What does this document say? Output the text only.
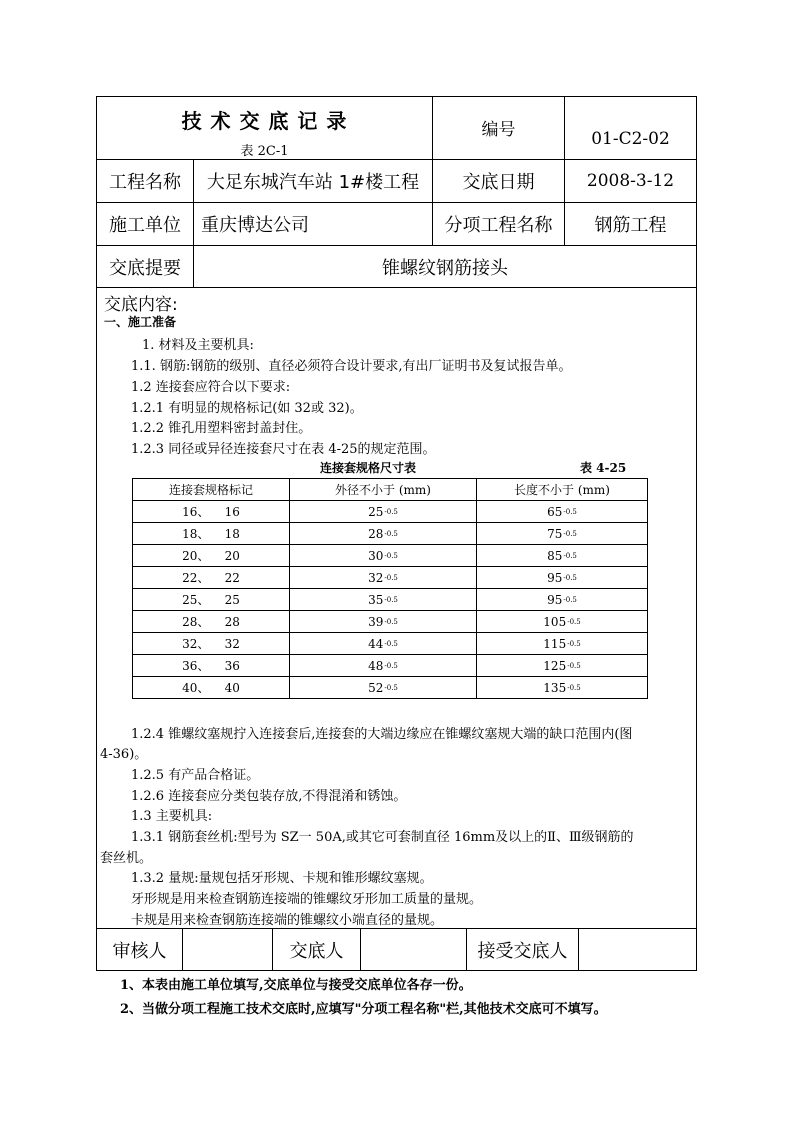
技 术 交 底 记 录
表 2C-1
编号	01-C2-02
工程名称	大足东城汽车站 1#楼工程	交底日期	2008-3-12
施工单位	重庆博达公司	分项工程名称	钢筋工程
交底提要	锥螺纹钢筋接头
交底内容:
一、施工准备
1. 材料及主要机具:
1.1. 钢筋:钢筋的级别、直径必须符合设计要求,有出厂证明书及复试报告单。
1.2 连接套应符合以下要求:
1.2.1 有明显的规格标记(如 32或 32)。
1.2.2 锥孔用塑料密封盖封住。
1.2.3 同径或异径连接套尺寸在表 4-25的规定范围。
连接套规格尺寸表	表 4-25
连接套规格标记	外径不小于 (mm)	长度不小于 (mm)
16、    16	25 -0.5	65 -0.5
18、    18	28 -0.5	75 -0.5
20、    20	30 -0.5	85 -0.5
22、    22	32 -0.5	95 -0.5
25、    25	35 -0.5	95 -0.5
28、    28	39 -0.5	105 -0.5
32、    32	44 -0.5	115 -0.5
36、    36	48 -0.5	125 -0.5
40、    40	52 -0.5	135 -0.5
1.2.4 锥螺纹塞规拧入连接套后,连接套的大端边缘应在锥螺纹塞规大端的缺口范围内(图
4-36)。
1.2.5 有产品合格证。
1.2.6 连接套应分类包装存放,不得混淆和锈蚀。
1.3 主要机具:
1.3.1 钢筋套丝机:型号为 SZ一 50A,或其它可套制直径 16mm及以上的Ⅱ、Ⅲ级钢筋的
套丝机。
1.3.2 量规:量规包括牙形规、卡规和锥形螺纹塞规。
牙形规是用来检查钢筋连接端的锥螺纹牙形加工质量的量规。
卡规是用来检查钢筋连接端的锥螺纹小端直径的量规。
审核人	交底人	接受交底人
1、本表由施工单位填写,交底单位与接受交底单位各存一份。
2、当做分项工程施工技术交底时,应填写"分项工程名称"栏,其他技术交底可不填写。
